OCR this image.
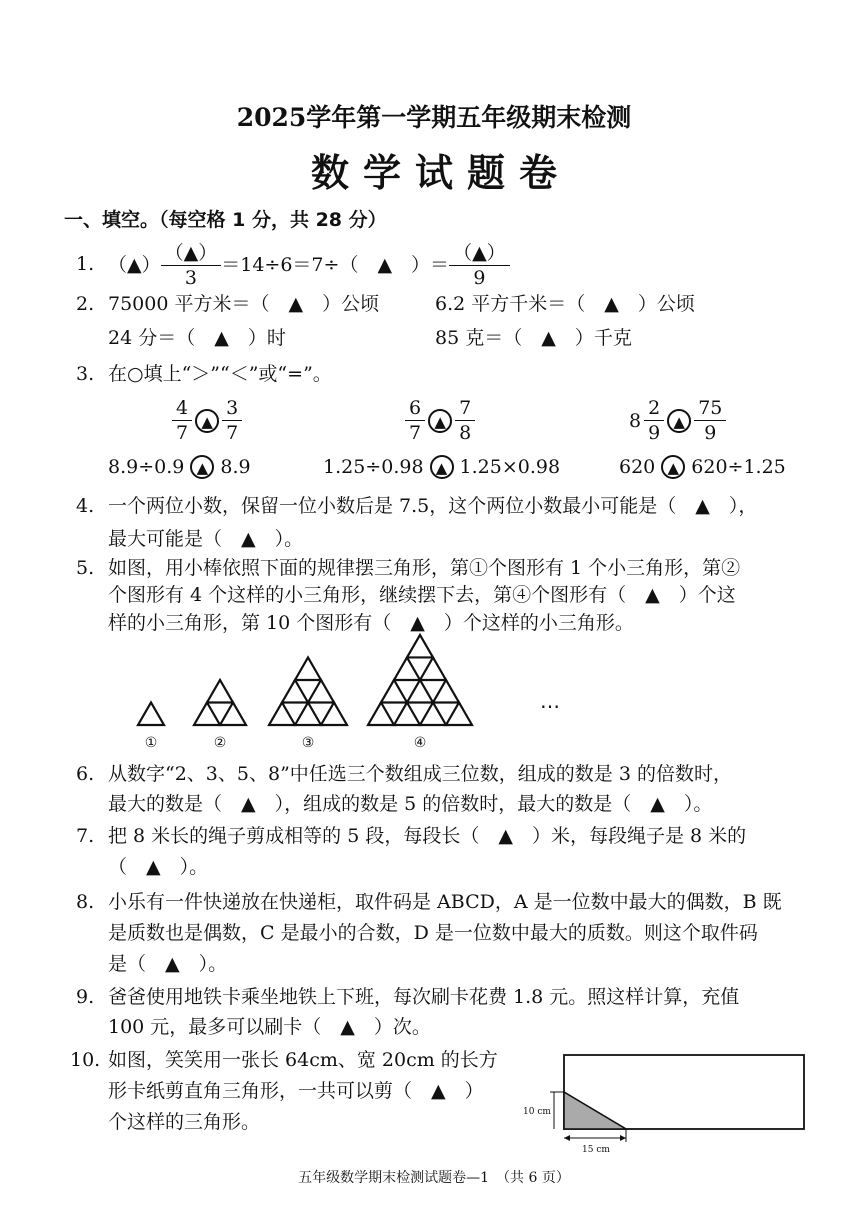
2025学年第一学期五年级期末检测
数学试题卷
一、填空。（每空格 1 分，共 28 分）
1. （▲） $\frac{(▲)}{3} =14\div 6=7\div$（　▲　）＝ $\frac{(▲)}{9}$
2. 75000 平方米＝（　▲　）公顷	6.2 平方千米＝（　▲　）公顷
24 分＝（　▲　）时	85 克＝（　▲　）千克
3. 在○填上“＞”“＜”或“=”。
$\frac{4}{7}$ ▲ $\frac{3}{7}$	$\frac{6}{7}$ ▲ $\frac{7}{8}$	$8 \frac{2}{9}$ ▲ $\frac{75}{9}$
8.9÷0.9 ▲ 8.9	1.25÷0.98 ▲ 1.25×0.98	620 ▲ 620÷1.25
4. 一个两位小数，保留一位小数后是 7.5，这个两位小数最小可能是（　▲　），
最大可能是（　▲　）。
5. 如图，用小棒依照下面的规律摆三角形，第①个图形有 1 个小三角形，第②
个图形有 4 个这样的小三角形，继续摆下去，第④个图形有（　▲　）个这
样的小三角形，第 10 个图形有（　▲　）个这样的小三角形。
①	②	③	④
…
6. 从数字“2、3、5、8”中任选三个数组成三位数，组成的数是 3 的倍数时，
最大的数是（　▲　），组成的数是 5 的倍数时，最大的数是（　▲　）。
7. 把 8 米长的绳子剪成相等的 5 段，每段长（　▲　）米，每段绳子是 8 米的
（　▲　）。
8. 小乐有一件快递放在快递柜，取件码是 ABCD，A 是一位数中最大的偶数，B 既
是质数也是偶数，C 是最小的合数，D 是一位数中最大的质数。则这个取件码
是（　▲　）。
9. 爸爸使用地铁卡乘坐地铁上下班，每次刷卡花费 1.8 元。照这样计算，充值
100 元，最多可以刷卡（　▲　）次。
10. 如图，笑笑用一张长 64cm、宽 20cm 的长方
形卡纸剪直角三角形，一共可以剪（　▲　）
个这样的三角形。	10 cm
15 cm
五年级数学期末检测试题卷—1　（共 6 页）
